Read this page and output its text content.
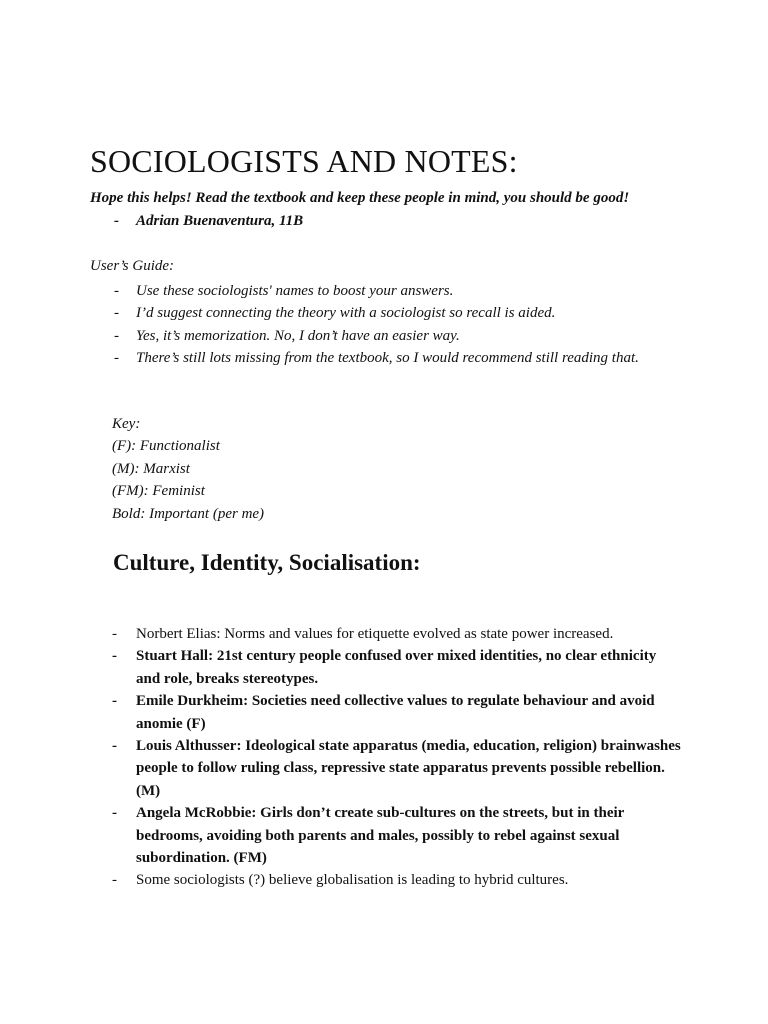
SOCIOLOGISTS AND NOTES:
Hope this helps! Read the textbook and keep these people in mind, you should be good!
- Adrian Buenaventura, 11B
User’s Guide:
- Use these sociologists' names to boost your answers.
- I’d suggest connecting the theory with a sociologist so recall is aided.
- Yes, it’s memorization. No, I don’t have an easier way.
- There’s still lots missing from the textbook, so I would recommend still reading that.
Key:
(F): Functionalist
(M): Marxist
(FM): Feminist
Bold: Important (per me)
Culture, Identity, Socialisation:
- Norbert Elias: Norms and values for etiquette evolved as state power increased.
- Stuart Hall: 21st century people confused over mixed identities, no clear ethnicity and role, breaks stereotypes.
- Emile Durkheim: Societies need collective values to regulate behaviour and avoid anomie (F)
- Louis Althusser: Ideological state apparatus (media, education, religion) brainwashes people to follow ruling class, repressive state apparatus prevents possible rebellion. (M)
- Angela McRobbie: Girls don’t create sub-cultures on the streets, but in their bedrooms, avoiding both parents and males, possibly to rebel against sexual subordination. (FM)
- Some sociologists (?) believe globalisation is leading to hybrid cultures.
